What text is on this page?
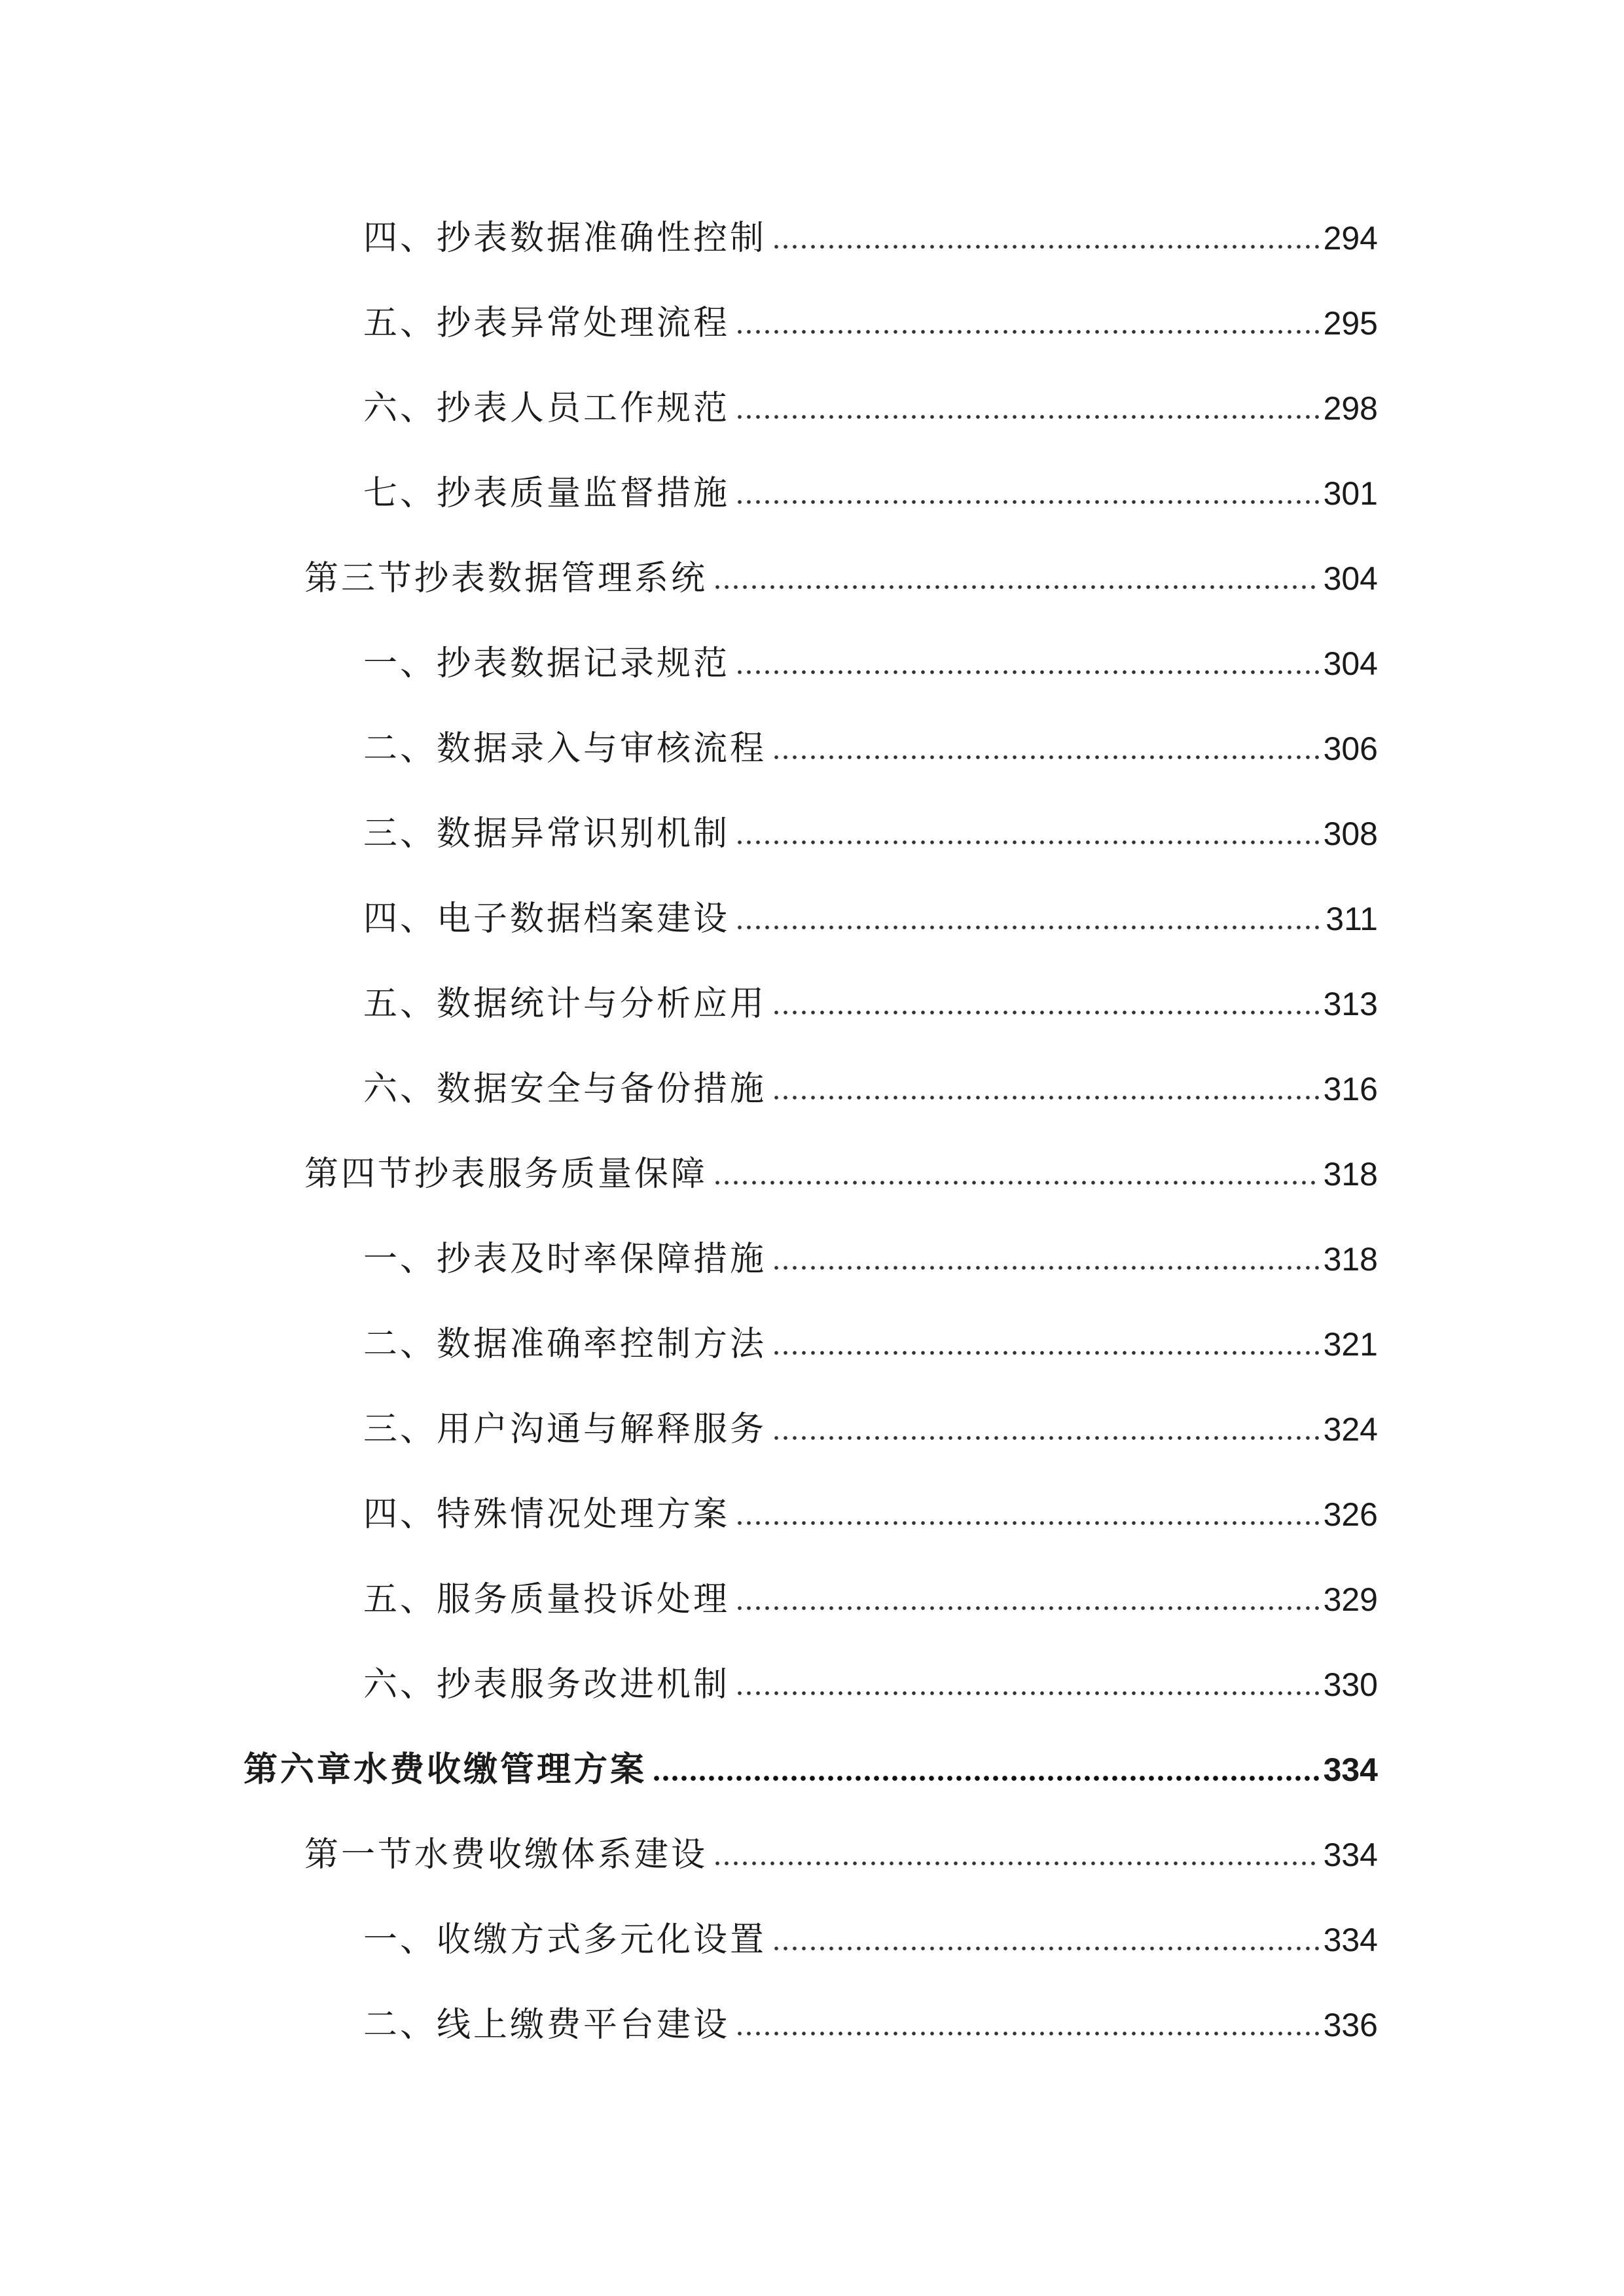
四、抄表数据准确性控制	294
五、抄表异常处理流程	295
六、抄表人员工作规范	298
七、抄表质量监督措施	301
第三节抄表数据管理系统	304
一、抄表数据记录规范	304
二、数据录入与审核流程	306
三、数据异常识别机制	308
四、电子数据档案建设	311
五、数据统计与分析应用	313
六、数据安全与备份措施	316
第四节抄表服务质量保障	318
一、抄表及时率保障措施	318
二、数据准确率控制方法	321
三、用户沟通与解释服务	324
四、特殊情况处理方案	326
五、服务质量投诉处理	329
六、抄表服务改进机制	330
第六章水费收缴管理方案	334
第一节水费收缴体系建设	334
一、收缴方式多元化设置	334
二、线上缴费平台建设	336
